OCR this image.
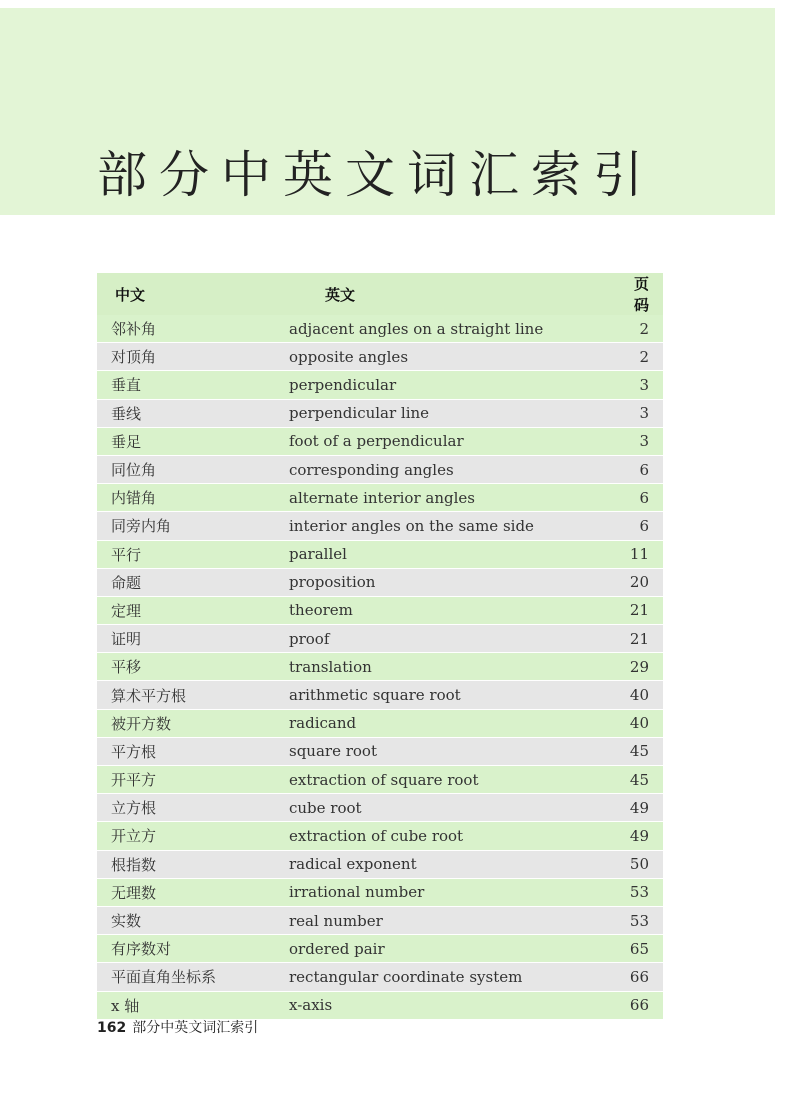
部分中英文词汇索引
中文	英文	页码
邻补角	adjacent angles on a straight line	2
对顶角	opposite angles	2
垂直	perpendicular	3
垂线	perpendicular line	3
垂足	foot of a perpendicular	3
同位角	corresponding angles	6
内错角	alternate interior angles	6
同旁内角	interior angles on the same side	6
平行	parallel	11
命题	proposition	20
定理	theorem	21
证明	proof	21
平移	translation	29
算术平方根	arithmetic square root	40
被开方数	radicand	40
平方根	square root	45
开平方	extraction of square root	45
立方根	cube root	49
开立方	extraction of cube root	49
根指数	radical exponent	50
无理数	irrational number	53
实数	real number	53
有序数对	ordered pair	65
平面直角坐标系	rectangular coordinate system	66
x 轴	x-axis	66
162 部分中英文词汇索引
